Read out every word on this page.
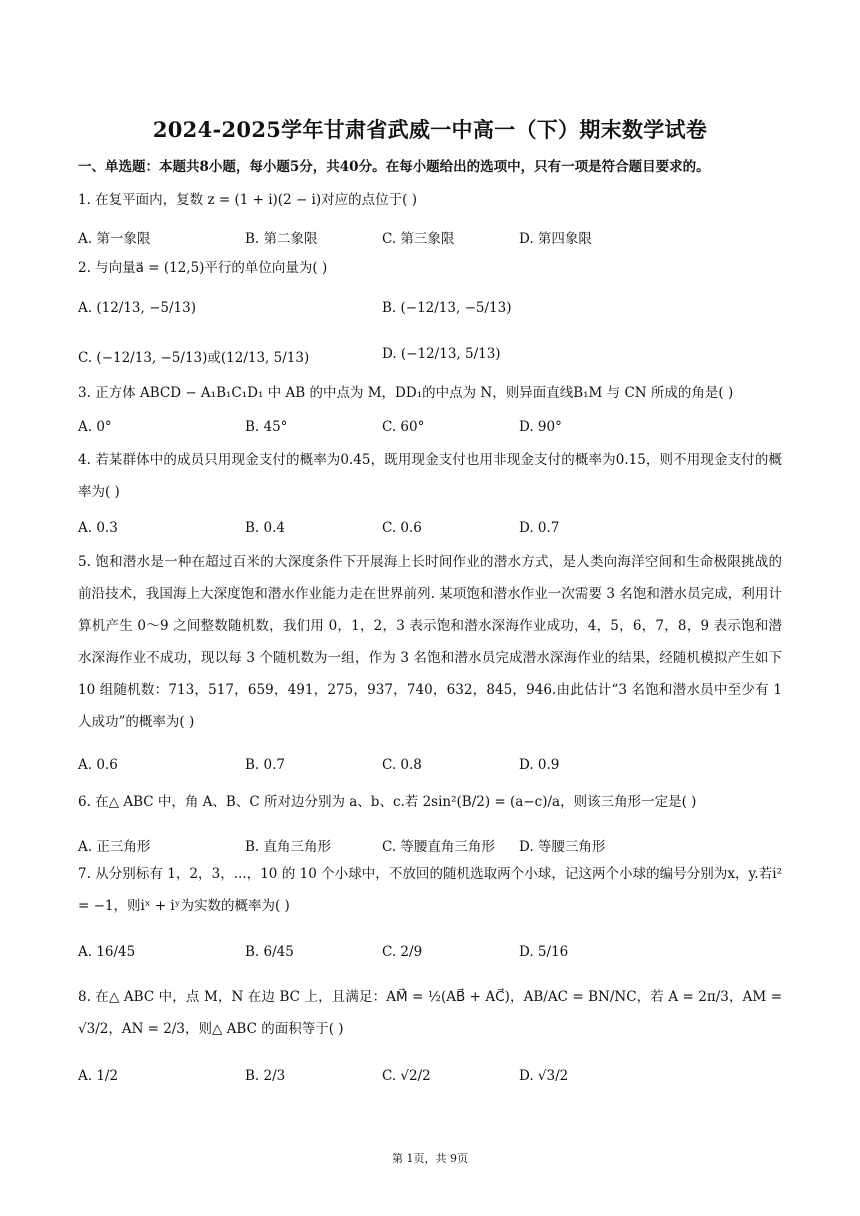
2024-2025学年甘肃省武威一中高一（下）期末数学试卷
一、单选题：本题共8小题，每小题5分，共40分。在每小题给出的选项中，只有一项是符合题目要求的。
1. 在复平面内，复数 z = (1 + i)(2 − i)对应的点位于( )
A. 第一象限	B. 第二象限	C. 第三象限	D. 第四象限
2. 与向量a⃗ = (12,5)平行的单位向量为( )
A. (12/13, −5/13)	B. (−12/13, −5/13)
C. (−12/13, −5/13)或(12/13, 5/13)	D. (−12/13, 5/13)
3. 正方体 ABCD − A₁B₁C₁D₁ 中 AB 的中点为 M，DD₁的中点为 N，则异面直线B₁M 与 CN 所成的角是( )
A. 0°	B. 45°	C. 60°	D. 90°
4. 若某群体中的成员只用现金支付的概率为0.45，既用现金支付也用非现金支付的概率为0.15，则不用现金支付的概率为( )
A. 0.3	B. 0.4	C. 0.6	D. 0.7
5. 饱和潜水是一种在超过百米的大深度条件下开展海上长时间作业的潜水方式，是人类向海洋空间和生命极限挑战的前沿技术，我国海上大深度饱和潜水作业能力走在世界前列. 某项饱和潜水作业一次需要 3 名饱和潜水员完成，利用计算机产生 0～9 之间整数随机数，我们用 0，1，2，3 表示饱和潜水深海作业成功，4，5，6，7，8，9 表示饱和潜水深海作业不成功，现以每 3 个随机数为一组，作为 3 名饱和潜水员完成潜水深海作业的结果，经随机模拟产生如下 10 组随机数：713，517，659，491，275，937，740，632，845，946.由此估计“3 名饱和潜水员中至少有 1 人成功”的概率为( )
A. 0.6	B. 0.7	C. 0.8	D. 0.9
6. 在△ ABC 中，角 A、B、C 所对边分别为 a、b、c.若 2sin²(B/2) = (a−c)/a，则该三角形一定是( )
A. 正三角形	B. 直角三角形	C. 等腰直角三角形 D. 等腰三角形
7. 从分别标有 1，2，3，...，10 的 10 个小球中，不放回的随机选取两个小球，记这两个小球的编号分别为x，y.若i² = −1，则iˣ + iʸ为实数的概率为( )
A. 16/45	B. 6/45	C. 2/9	D. 5/16
8. 在△ ABC 中，点 M，N 在边 BC 上，且满足：AM⃗ = ½(AB⃗ + AC⃗)，AB/AC = BN/NC，若 A = 2π/3，AM = √3/2，AN = 2/3，则△ ABC 的面积等于( )
A. 1/2	B. 2/3	C. √2/2	D. √3/2
第 1页，共 9页
